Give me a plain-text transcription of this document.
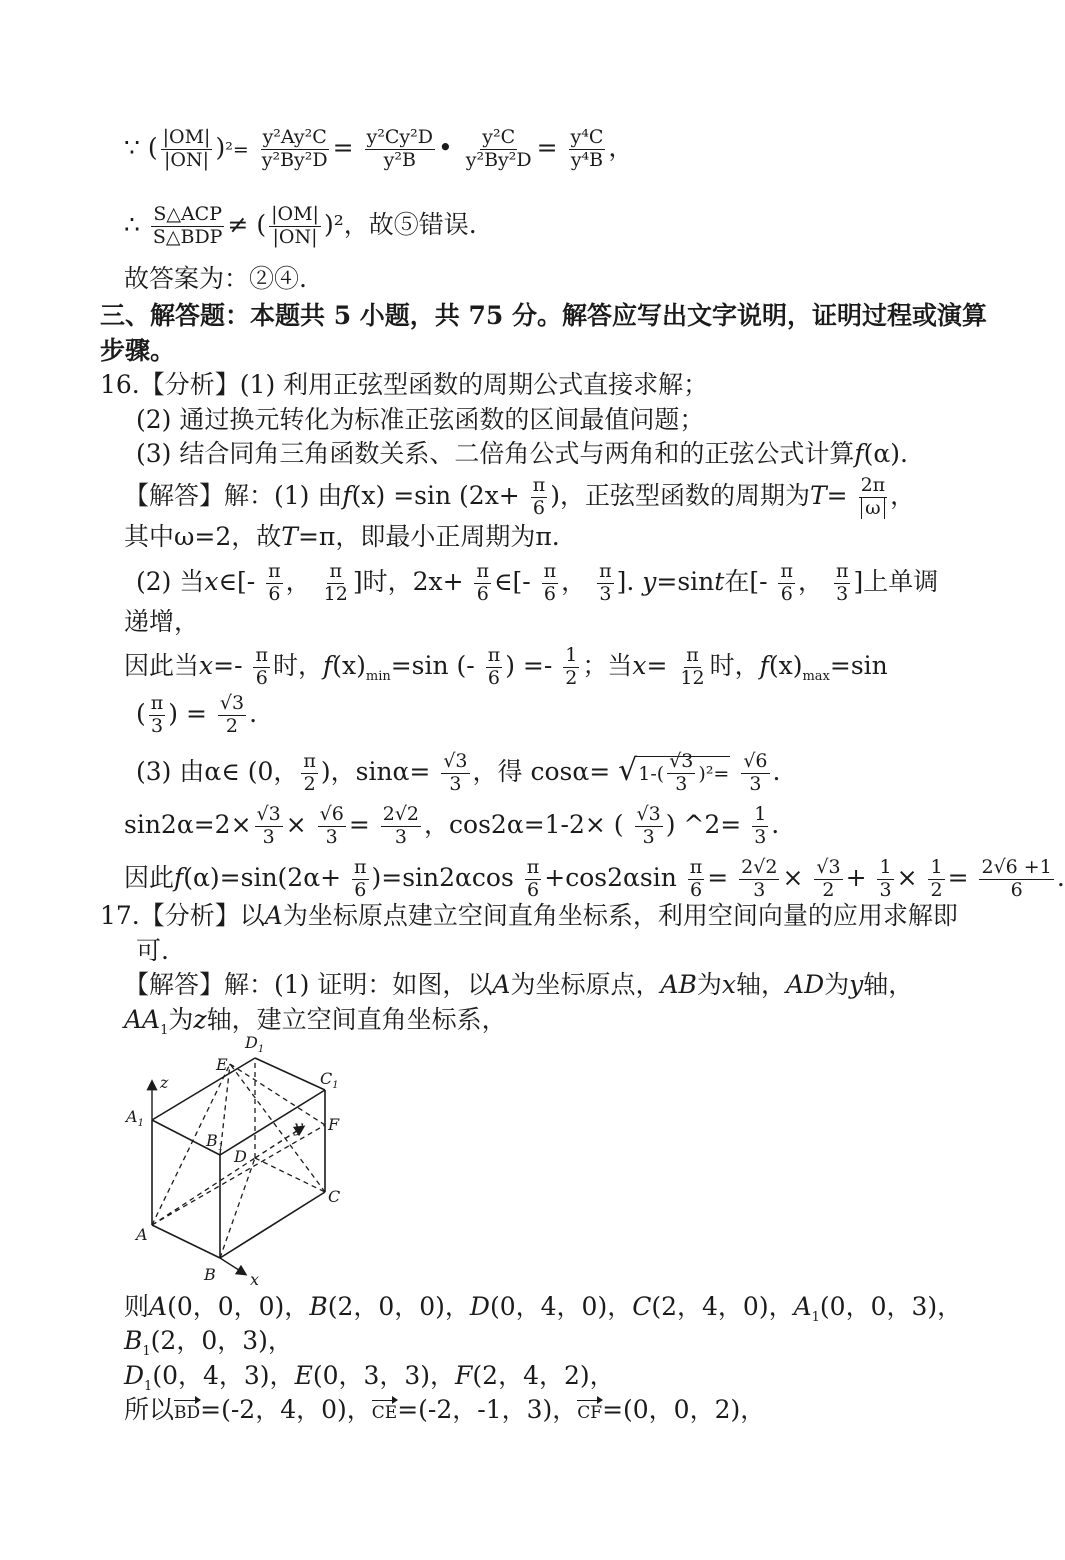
∵ ( $\frac{|OM|}{|ON|} )^2= \frac{\text{y²Ay²C}}{\text{y²By²D}} = \frac{\text{y²Cy²D}}{\text{y²B}}$ • $\frac{\text{y²C}}{\text{y²By²D}} = \frac{\text{y⁴C}}{\text{y⁴B}}$ ，
∴ $\frac{\text{S△ACP}}{\text{S△BDP}}$ ≠ ( $\frac{|OM|}{|ON|} )^2$，故⑤错误.
故答案为：②④.
三、解答题：本题共 5 小题，共 75 分。解答应写出文字说明，证明过程或演算
步骤。
16.【分析】(1) 利用正弦型函数的周期公式直接求解；
(2) 通过换元转化为标准正弦函数的区间最值问题；
(3) 结合同角三角函数关系、二倍角公式与两角和的正弦公式计算f(α).
【解答】解：(1) 由f(x) =sin ($2x+ \frac{\pi}{6}$ )，正弦型函数的周期为$T= \frac{2\pi}{\omega}$ ，
其中ω=2，故T=π，即最小正周期为π.
(2) 当x∈[- $\frac{\pi}{6}$ ， $\frac{\pi}{12}$ ]时，$2x+ \frac{\pi}{6}$ ∈[- $\frac{\pi}{6}$ ， $\frac{\pi}{3}$ ]. y=sint在[- $\frac{\pi}{6}$ ， $\frac{\pi}{3}$ ]上单调
递增，
因此当$x=- \frac{\pi}{6}$ 时，$f(x)_{min}=\sin$ (- $\frac{\pi}{6}$ ) =- $\frac{1}{2}$ ；当$x= \frac{\pi}{12}$ 时，$f(x)_{max}=\sin$
( $\frac{\pi}{3}$ ) = $\frac{√3}{2}$ .
(3) 由α∈ (0， $\frac{\pi}{2}$ )，$\sin\alpha= \frac{√3}{3}$ ，得 $\cos\alpha= √1-( \frac{√3}{3} )^2= \frac{√6}{3}$ .
$\sin 2\alpha=2\times \frac{√3}{3} \times \frac{√6}{3} = \frac{2√2}{3}$ ，cos2α=1-2× ( $\frac{√3}{3}$ ) ^2= $\frac{1}{3}$ .
因此$f(\alpha)=\sin(2\alpha+ \frac{\pi}{6} )=\sin 2\alpha\cos \frac{\pi}{6} +\cos 2\alpha\sin \frac{\pi}{6} = \frac{2√2}{3} \times \frac{√3}{2} + \frac{1}{3} \times \frac{1}{2} = \frac{2√6 +1}{6}$ .
17.【分析】以A为坐标原点建立空间直角坐标系，利用空间向量的应用求解即
可.
【解答】解：(1) 证明：如图，以A为坐标原点，AB为x轴，AD为y轴，
$AA_1$为z轴，建立空间直角坐标系，
$D_1$
E
$C_1$
z
$A_1$
$B_1$
F
y
D
C
A
B x
则A(0，0，0)，B(2，0，0)，D(0，4，0)，C(2，4，0)，$A_1(0$，0，3)，
$B_1(2$，0，3)，
$D_1(0$，4，3)，E(0，3，3)，F(2，4，2)，
所以BD=(-2，4，0)，CE=(-2，-1，3)，CF=(0，0，2)，
